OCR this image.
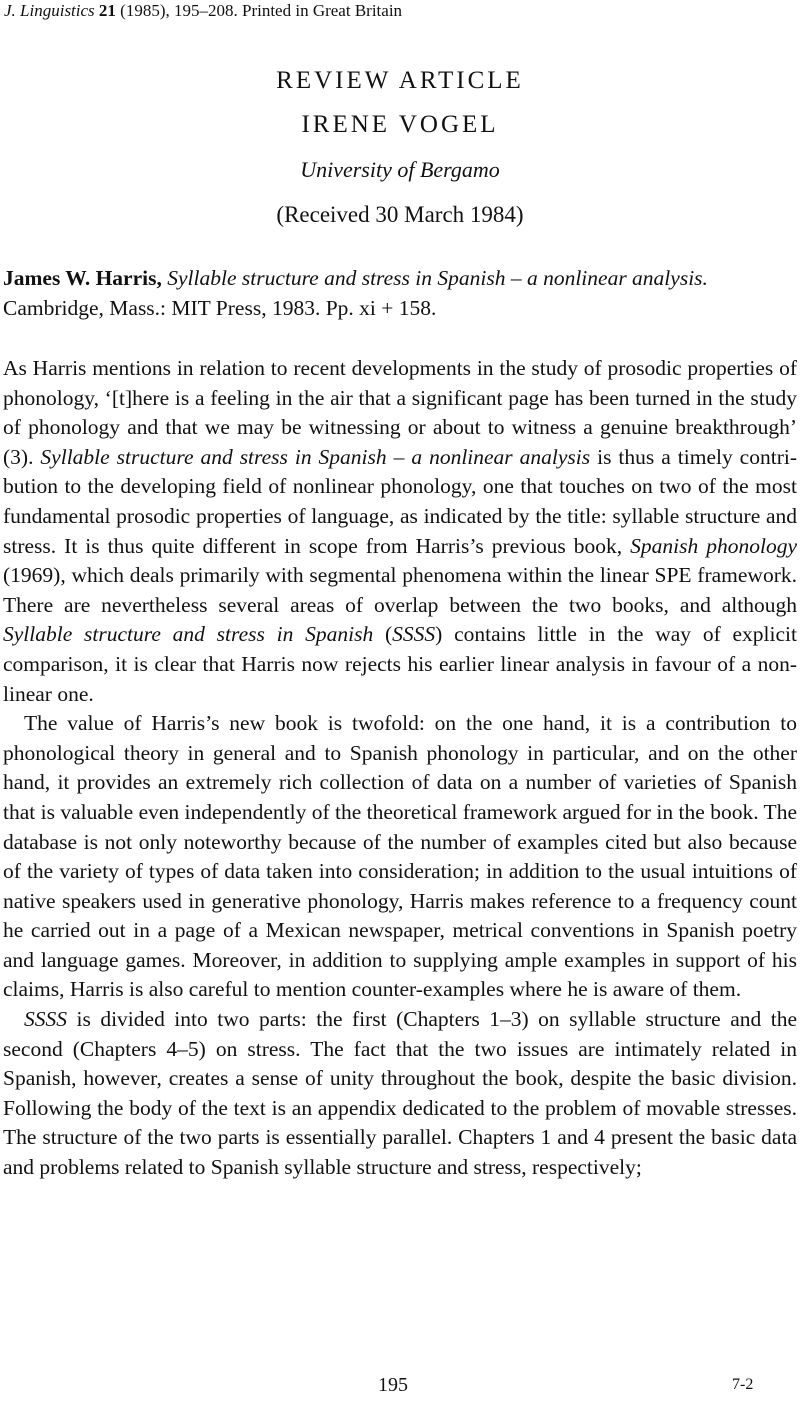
J. Linguistics 21 (1985), 195–208. Printed in Great Britain
REVIEW ARTICLE
IRENE VOGEL
University of Bergamo
(Received 30 March 1984)
James W. Harris, Syllable structure and stress in Spanish – a nonlinear analysis. Cambridge, Mass.: MIT Press, 1983. Pp. xi + 158.

As Harris mentions in relation to recent developments in the study of prosodic properties of phonology, ‘[t]here is a feeling in the air that a significant page has been turned in the study of phonology and that we may be witnessing or about to witness a genuine breakthrough’ (3). Syllable structure and stress in Spanish – a nonlinear analysis is thus a timely contribution to the developing field of nonlinear phonology, one that touches on two of the most fundamental prosodic properties of language, as indicated by the title: syllable structure and stress. It is thus quite different in scope from Harris’s previous book, Spanish phonology (1969), which deals primarily with segmental phenomena within the linear SPE framework. There are nevertheless several areas of overlap between the two books, and although Syllable structure and stress in Spanish (SSSS) contains little in the way of explicit comparison, it is clear that Harris now rejects his earlier linear analysis in favour of a non-linear one.

The value of Harris’s new book is twofold: on the one hand, it is a contribution to phonological theory in general and to Spanish phonology in particular, and on the other hand, it provides an extremely rich collection of data on a number of varieties of Spanish that is valuable even independently of the theoretical framework argued for in the book. The database is not only noteworthy because of the number of examples cited but also because of the variety of types of data taken into consideration; in addition to the usual intuitions of native speakers used in generative phonology, Harris makes reference to a frequency count he carried out in a page of a Mexican newspaper, metrical conventions in Spanish poetry and language games. Moreover, in addition to supplying ample examples in support of his claims, Harris is also careful to mention counter-examples where he is aware of them.

SSSS is divided into two parts: the first (Chapters 1–3) on syllable structure and the second (Chapters 4–5) on stress. The fact that the two issues are intimately related in Spanish, however, creates a sense of unity throughout the book, despite the basic division. Following the body of the text is an appendix dedicated to the problem of movable stresses. The structure of the two parts is essentially parallel. Chapters 1 and 4 present the basic data and problems related to Spanish syllable structure and stress, respectively;

195	7-2
